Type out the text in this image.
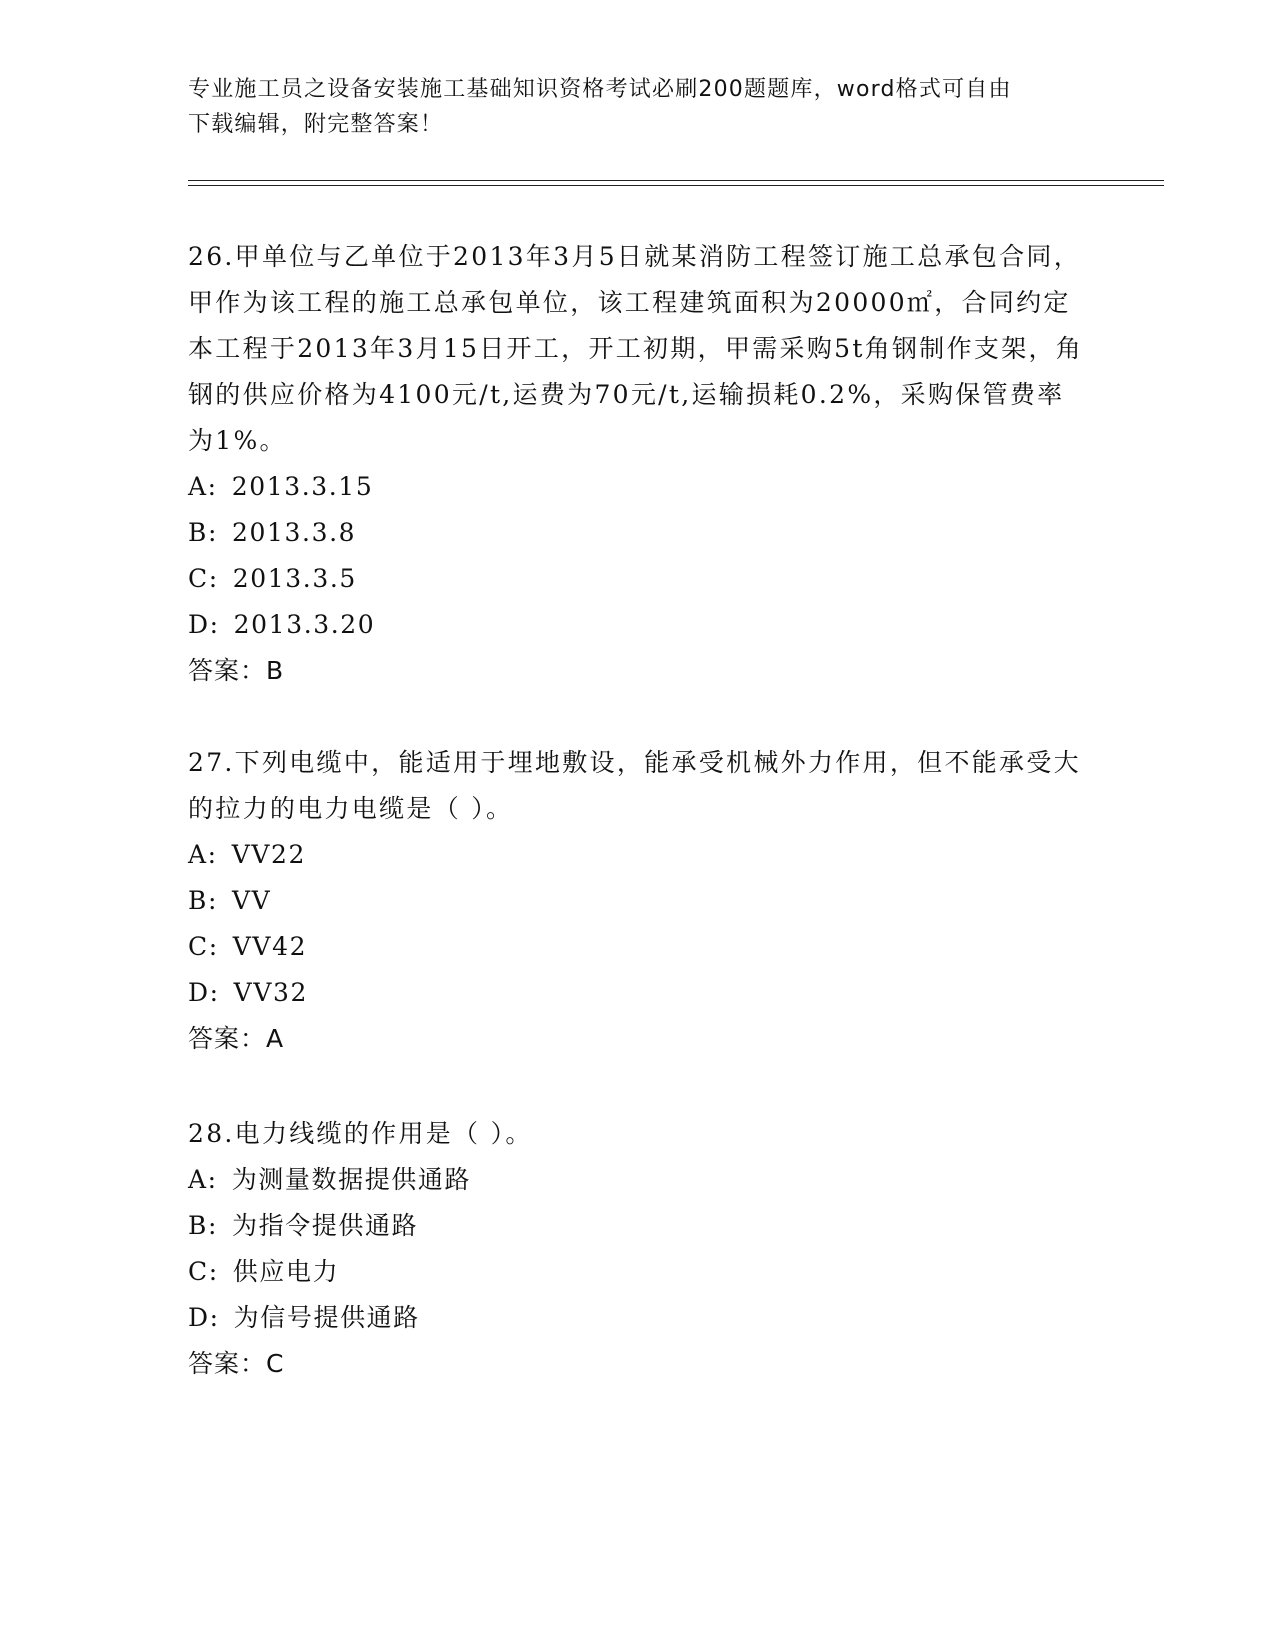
专业施工员之设备安装施工基础知识资格考试必刷200题题库，word格式可自由
下载编辑，附完整答案！

26.甲单位与乙单位于2013年3月5日就某消防工程签订施工总承包合同，甲作为该工程的施工总承包单位，该工程建筑面积为20000㎡，合同约定本工程于2013年3月15日开工，开工初期，甲需采购5t角钢制作支架，角钢的供应价格为4100元/t,运费为70元/t,运输损耗0.2%，采购保管费率为1%。

A: 2013.3.15
B: 2013.3.8
C: 2013.3.5
D: 2013.3.20
答案：B

27.下列电缆中，能适用于埋地敷设，能承受机械外力作用，但不能承受大的拉力的电力电缆是（ ）。

A: VV22
B: VV
C: VV42
D: VV32
答案：A

28.电力线缆的作用是（ ）。

A: 为测量数据提供通路
B: 为指令提供通路
C: 供应电力
D: 为信号提供通路
答案：C
